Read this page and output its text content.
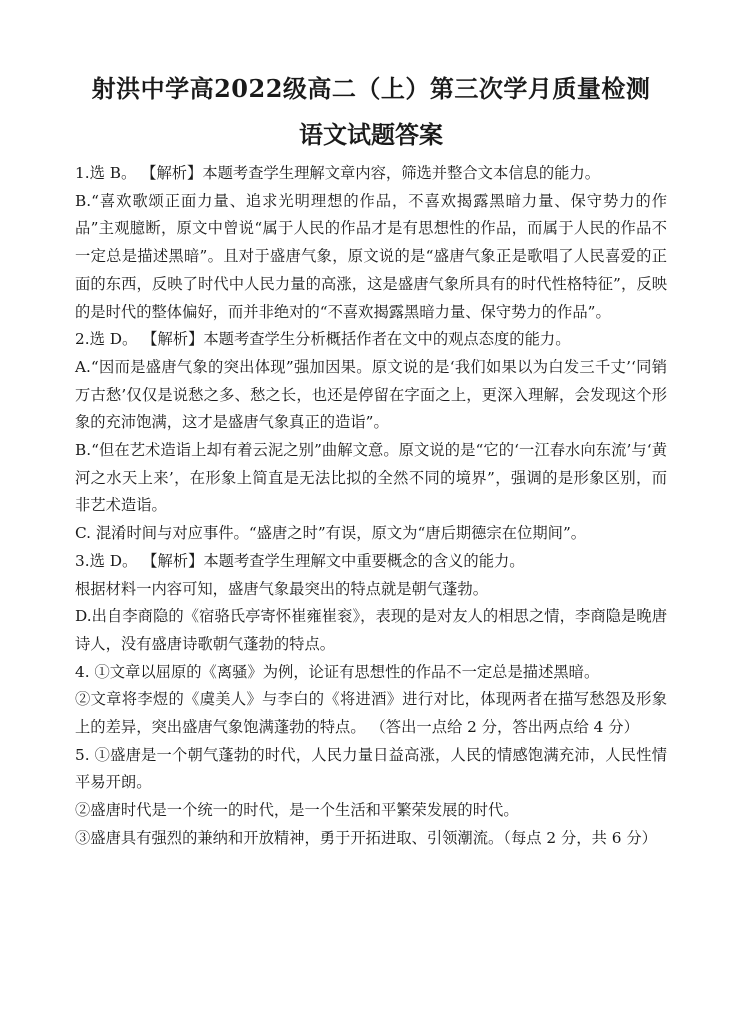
射洪中学高2022级高二（上）第三次学月质量检测
语文试题答案

1.选 B。 【解析】本题考查学生理解文章内容，筛选并整合文本信息的能力。

B.“喜欢歌颂正面力量、追求光明理想的作品，不喜欢揭露黑暗力量、保守势力的作品”主观臆断，原文中曾说“属于人民的作品才是有思想性的作品，而属于人民的作品不一定总是描述黑暗”。且对于盛唐气象，原文说的是“盛唐气象正是歌唱了人民喜爱的正面的东西，反映了时代中人民力量的高涨，这是盛唐气象所具有的时代性格特征”，反映的是时代的整体偏好，而并非绝对的“不喜欢揭露黑暗力量、保守势力的作品”。

2.选 D。 【解析】本题考查学生分析概括作者在文中的观点态度的能力。

A.“因而是盛唐气象的突出体现”强加因果。原文说的是‘我们如果以为白发三千丈’‘同销万古愁’仅仅是说愁之多、愁之长，也还是停留在字面之上，更深入理解，会发现这个形象的充沛饱满，这才是盛唐气象真正的造诣”。

B.“但在艺术造诣上却有着云泥之别”曲解文意。原文说的是“它的‘一江春水向东流’与‘黄河之水天上来’，在形象上简直是无法比拟的全然不同的境界”，强调的是形象区别，而非艺术造诣。

C. 混淆时间与对应事件。“盛唐之时”有误，原文为“唐后期德宗在位期间”。

3.选 D。 【解析】本题考查学生理解文中重要概念的含义的能力。

根据材料一内容可知，盛唐气象最突出的特点就是朝气蓬勃。

D.出自李商隐的《宿骆氏亭寄怀崔雍崔衮》，表现的是对友人的相思之情，李商隐是晚唐诗人，没有盛唐诗歌朝气蓬勃的特点。

4. ①文章以屈原的《离骚》为例，论证有思想性的作品不一定总是描述黑暗。

②文章将李煜的《虞美人》与李白的《将进酒》进行对比，体现两者在描写愁怨及形象上的差异，突出盛唐气象饱满蓬勃的特点。 （答出一点给 2 分，答出两点给 4 分）

5. ①盛唐是一个朝气蓬勃的时代，人民力量日益高涨，人民的情感饱满充沛，人民性情平易开朗。

②盛唐时代是一个统一的时代，是一个生活和平繁荣发展的时代。

③盛唐具有强烈的兼纳和开放精神，勇于开拓进取、引领潮流。（每点 2 分，共 6 分）
